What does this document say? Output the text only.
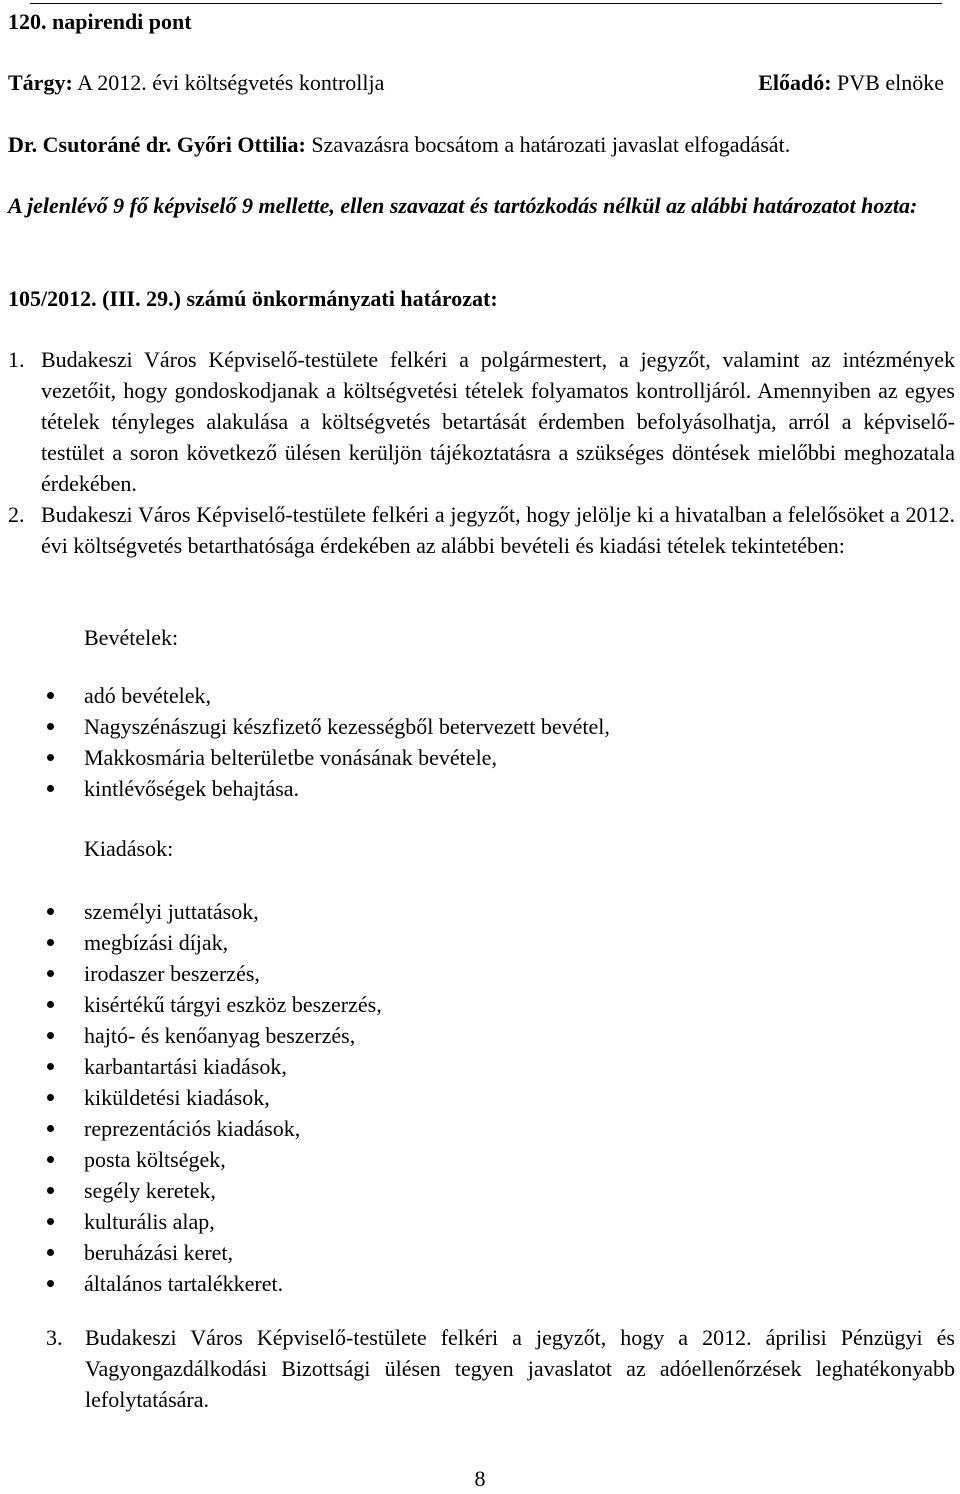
120. napirendi pont

Tárgy: A 2012. évi költségvetés kontrollja	Előadó: PVB elnöke

Dr. Csutoráné dr. Győri Ottilia: Szavazásra bocsátom a határozati javaslat elfogadását.

A jelenlévő 9 fő képviselő 9 mellette, ellen szavazat és tartózkodás nélkül az alábbi határozatot hozta:

105/2012. (III. 29.) számú önkormányzati határozat:

1. Budakeszi Város Képviselő-testülete felkéri a polgármestert, a jegyzőt, valamint az intézmények vezetőit, hogy gondoskodjanak a költségvetési tételek folyamatos kontrolljáról. Amennyiben az egyes tételek tényleges alakulása a költségvetés betartását érdemben befolyásolhatja, arról a képviselő-testület a soron következő ülésen kerüljön tájékoztatásra a szükséges döntések mielőbbi meghozatala érdekében.
2. Budakeszi Város Képviselő-testülete felkéri a jegyzőt, hogy jelölje ki a hivatalban a felelősöket a 2012. évi költségvetés betarthatósága érdekében az alábbi bevételi és kiadási tételek tekintetében:

Bevételek:

adó bevételek,
Nagyszénászugi készfizető kezességből betervezett bevétel,
Makkosmária belterületbe vonásának bevétele,
kintlévőségek behajtása.

Kiadások:

személyi juttatások,
megbízási díjak,
irodaszer beszerzés,
kisértékű tárgyi eszköz beszerzés,
hajtó- és kenőanyag beszerzés,
karbantartási kiadások,
kiküldetési kiadások,
reprezentációs kiadások,
posta költségek,
segély keretek,
kulturális alap,
beruházási keret,
általános tartalékkeret.
3. Budakeszi Város Képviselő-testülete felkéri a jegyzőt, hogy a 2012. áprilisi Pénzügyi és Vagyongazdálkodási Bizottsági ülésen tegyen javaslatot az adóellenőrzések leghatékonyabb lefolytatására.
8
